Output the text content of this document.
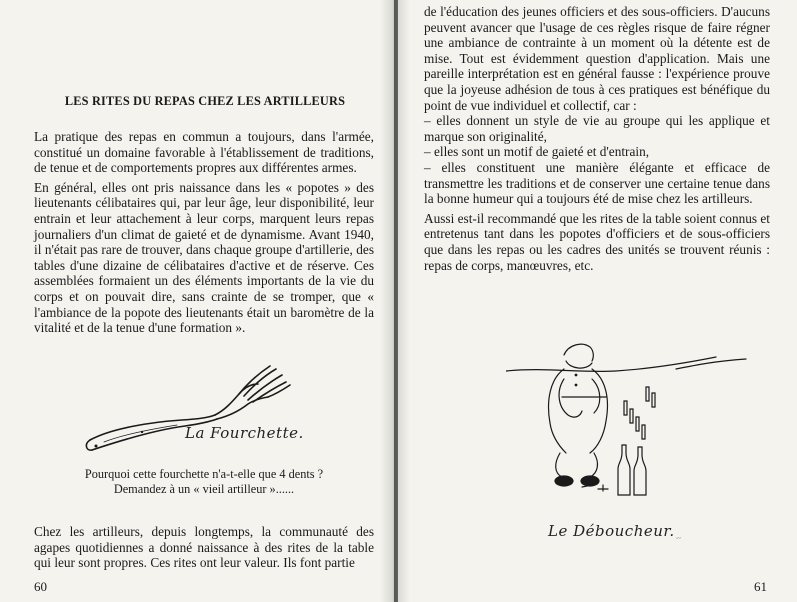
LES RITES DU REPAS CHEZ LES ARTILLEURS

La pratique des repas en commun a toujours, dans l'armée, constitué un domaine favorable à l'établissement de traditions, de tenue et de comportements propres aux différentes armes.

En général, elles ont pris naissance dans les « popotes » des lieutenants célibataires qui, par leur âge, leur disponibilité, leur entrain et leur attachement à leur corps, marquent leurs repas journaliers d'un climat de gaieté et de dynamisme. Avant 1940, il n'était pas rare de trouver, dans chaque groupe d'artillerie, des tables d'une dizaine de célibataires d'active et de réserve. Ces assemblées formaient un des éléments importants de la vie du corps et on pouvait dire, sans crainte de se tromper, que « l'ambiance de la popote des lieutenants était un baromètre de la vitalité et de la tenue d'une formation ».

La Fourchette.
Pourquoi cette fourchette n'a-t-elle que 4 dents ?
Demandez à un « vieil artilleur »......

Chez les artilleurs, depuis longtemps, la communauté des agapes quotidiennes a donné naissance à des rites de la table qui leur sont propres. Ces rites ont leur valeur. Ils font partie

60

de l'éducation des jeunes officiers et des sous-officiers. D'aucuns peuvent avancer que l'usage de ces règles risque de faire régner une ambiance de contrainte à un moment où la détente est de mise. Tout est évidemment question d'application. Mais une pareille interprétation est en général fausse : l'expérience prouve que la joyeuse adhésion de tous à ces pratiques est bénéfique du point de vue individuel et collectif, car :

– elles donnent un style de vie au groupe qui les applique et marque son originalité,

– elles sont un motif de gaieté et d'entrain,

– elles constituent une manière élégante et efficace de transmettre les traditions et de conserver une certaine tenue dans la bonne humeur qui a toujours été de mise chez les artilleurs.

Aussi est-il recommandé que les rites de la table soient connus et entretenus tant dans les popotes d'officiers et de sous-officiers que dans les repas ou les cadres des unités se trouvent réunis : repas de corps, manœuvres, etc.

Le Déboucheur. 〰
61
